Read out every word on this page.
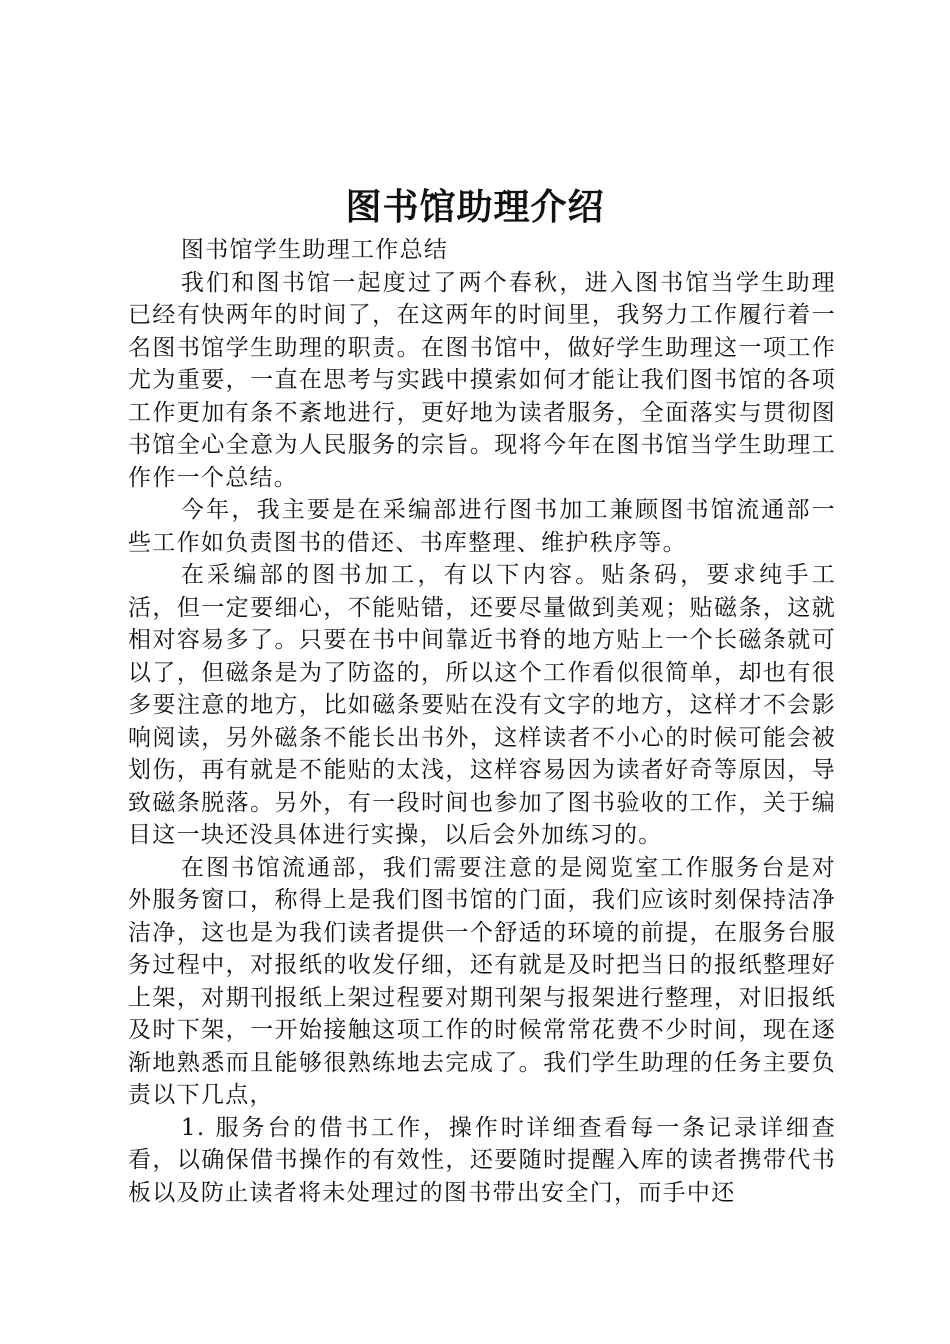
图书馆助理介绍

图书馆学生助理工作总结

我们和图书馆一起度过了两个春秋，进入图书馆当学生助理已经有快两年的时间了，在这两年的时间里，我努力工作履行着一名图书馆学生助理的职责。在图书馆中，做好学生助理这一项工作尤为重要，一直在思考与实践中摸索如何才能让我们图书馆的各项工作更加有条不紊地进行，更好地为读者服务，全面落实与贯彻图书馆全心全意为人民服务的宗旨。现将今年在图书馆当学生助理工作作一个总结。

今年，我主要是在采编部进行图书加工兼顾图书馆流通部一些工作如负责图书的借还、书库整理、维护秩序等。

在采编部的图书加工，有以下内容。贴条码，要求纯手工活，但一定要细心，不能贴错，还要尽量做到美观；贴磁条，这就相对容易多了。只要在书中间靠近书脊的地方贴上一个长磁条就可以了，但磁条是为了防盗的，所以这个工作看似很简单，却也有很多要注意的地方，比如磁条要贴在没有文字的地方，这样才不会影响阅读，另外磁条不能长出书外，这样读者不小心的时候可能会被划伤，再有就是不能贴的太浅，这样容易因为读者好奇等原因，导致磁条脱落。另外，有一段时间也参加了图书验收的工作，关于编目这一块还没具体进行实操，以后会外加练习的。

在图书馆流通部，我们需要注意的是阅览室工作服务台是对外服务窗口，称得上是我们图书馆的门面，我们应该时刻保持洁净洁净，这也是为我们读者提供一个舒适的环境的前提，在服务台服务过程中，对报纸的收发仔细，还有就是及时把当日的报纸整理好上架，对期刊报纸上架过程要对期刊架与报架进行整理，对旧报纸及时下架，一开始接触这项工作的时候常常花费不少时间，现在逐渐地熟悉而且能够很熟练地去完成了。我们学生助理的任务主要负责以下几点，

1. 服务台的借书工作，操作时详细查看每一条记录详细查看，以确保借书操作的有效性，还要随时提醒入库的读者携带代书板以及防止读者将未处理过的图书带出安全门，而手中还
